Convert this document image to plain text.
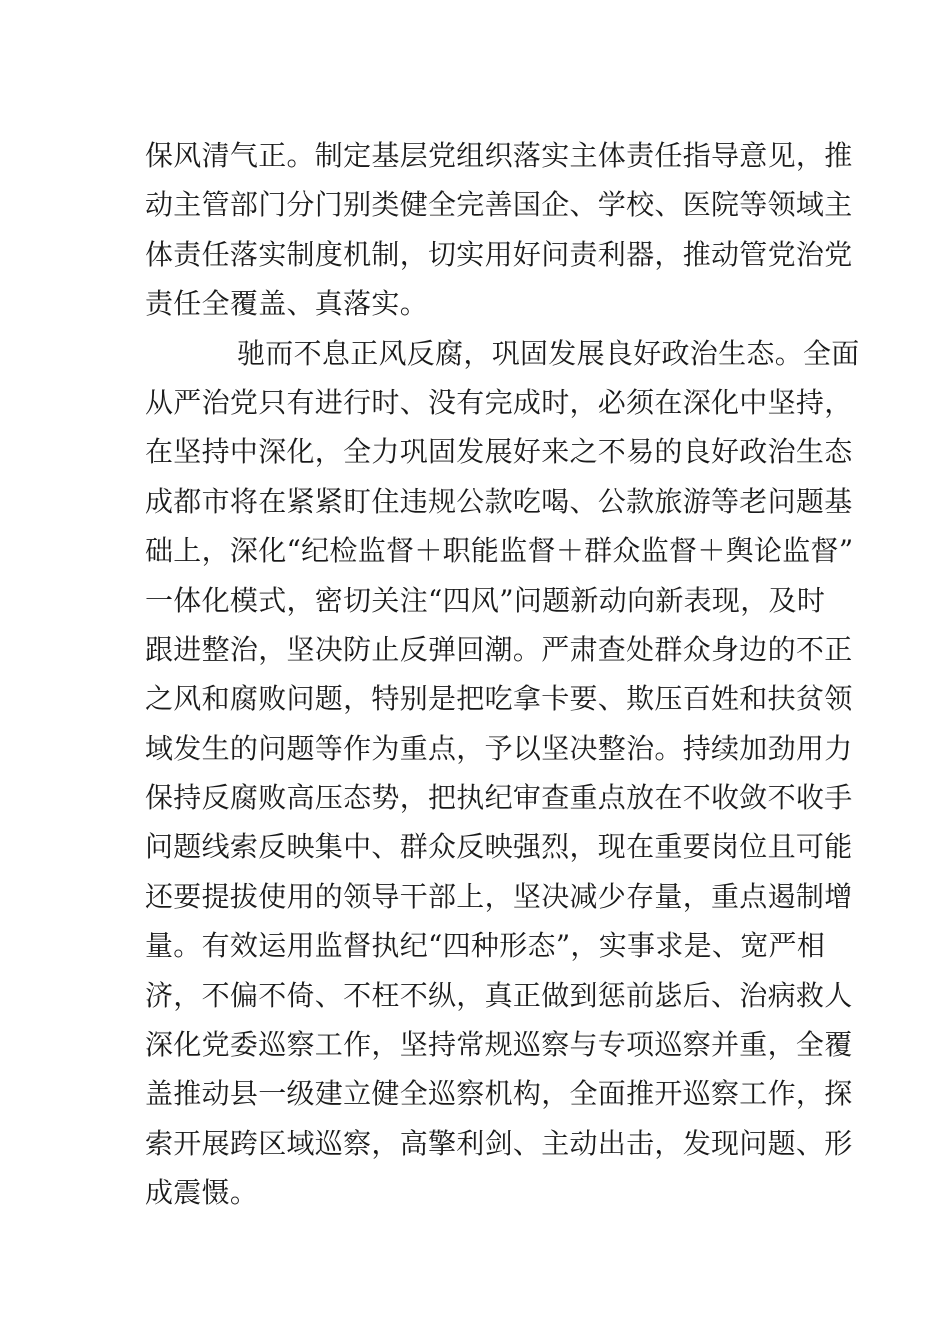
保风清气正。制定基层党组织落实主体责任指导意见，推
动主管部门分门别类健全完善国企、学校、医院等领域主
体责任落实制度机制，切实用好问责利器，推动管党治党
责任全覆盖、真落实。
驰而不息正风反腐，巩固发展良好政治生态。全面
从严治党只有进行时、没有完成时，必须在深化中坚持，
在坚持中深化，全力巩固发展好来之不易的良好政治生态
成都市将在紧紧盯住违规公款吃喝、公款旅游等老问题基
础上，深化“纪检监督＋职能监督＋群众监督＋舆论监督”
一体化模式，密切关注“四风”问题新动向新表现，及时
跟进整治，坚决防止反弹回潮。严肃查处群众身边的不正
之风和腐败问题，特别是把吃拿卡要、欺压百姓和扶贫领
域发生的问题等作为重点，予以坚决整治。持续加劲用力
保持反腐败高压态势，把执纪审查重点放在不收敛不收手
问题线索反映集中、群众反映强烈，现在重要岗位且可能
还要提拔使用的领导干部上，坚决减少存量，重点遏制增
量。有效运用监督执纪“四种形态”，实事求是、宽严相
济，不偏不倚、不枉不纵，真正做到惩前毖后、治病救人
深化党委巡察工作，坚持常规巡察与专项巡察并重，全覆
盖推动县一级建立健全巡察机构，全面推开巡察工作，探
索开展跨区域巡察，高擎利剑、主动出击，发现问题、形
成震慑。
